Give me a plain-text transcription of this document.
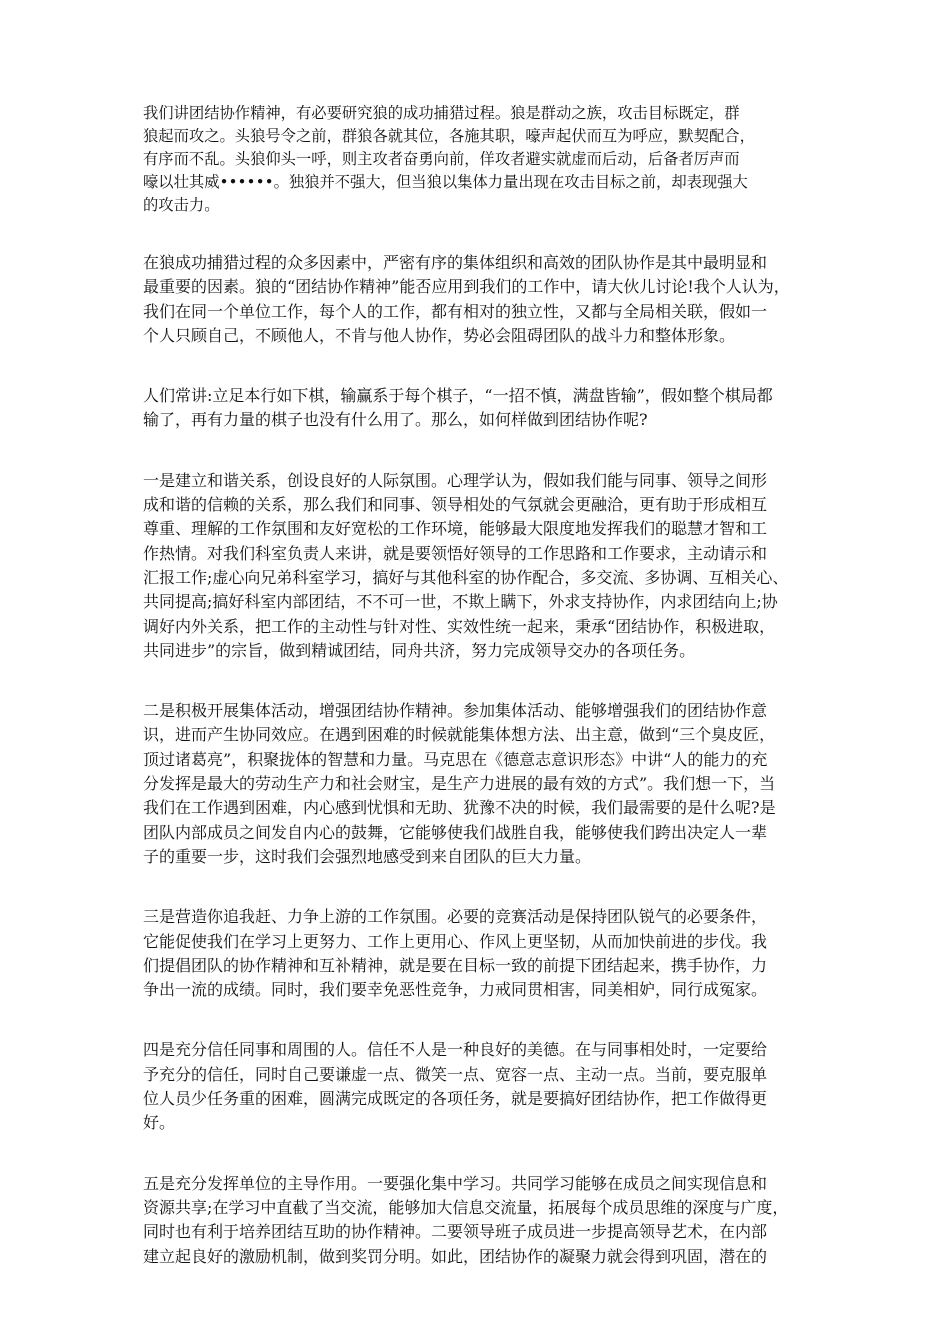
我们讲团结协作精神，有必要研究狼的成功捕猎过程。狼是群动之族，攻击目标既定，群
狼起而攻之。头狼号令之前，群狼各就其位，各施其职，嚎声起伏而互为呼应，默契配合，
有序而不乱。头狼仰头一呼，则主攻者奋勇向前，佯攻者避实就虚而后动，后备者厉声而
嚎以壮其威••••••。独狼并不强大，但当狼以集体力量出现在攻击目标之前，却表现强大
的攻击力。
在狼成功捕猎过程的众多因素中，严密有序的集体组织和高效的团队协作是其中最明显和
最重要的因素。狼的“团结协作精神”能否应用到我们的工作中，请大伙儿讨论!我个人认为，
我们在同一个单位工作，每个人的工作，都有相对的独立性，又都与全局相关联，假如一
个人只顾自己，不顾他人，不肯与他人协作，势必会阻碍团队的战斗力和整体形象。
人们常讲:立足本行如下棋，输赢系于每个棋子，“一招不慎，满盘皆输”，假如整个棋局都
输了，再有力量的棋子也没有什么用了。那么，如何样做到团结协作呢?
一是建立和谐关系，创设良好的人际氛围。心理学认为，假如我们能与同事、领导之间形
成和谐的信赖的关系，那么我们和同事、领导相处的气氛就会更融洽，更有助于形成相互
尊重、理解的工作氛围和友好宽松的工作环境，能够最大限度地发挥我们的聪慧才智和工
作热情。对我们科室负责人来讲，就是要领悟好领导的工作思路和工作要求，主动请示和
汇报工作;虚心向兄弟科室学习，搞好与其他科室的协作配合，多交流、多协调、互相关心、
共同提高;搞好科室内部团结，不不可一世，不欺上瞒下，外求支持协作，内求团结向上;协
调好内外关系，把工作的主动性与针对性、实效性统一起来，秉承“团结协作，积极进取，
共同进步”的宗旨，做到精诚团结，同舟共济，努力完成领导交办的各项任务。
二是积极开展集体活动，增强团结协作精神。参加集体活动、能够增强我们的团结协作意
识，进而产生协同效应。在遇到困难的时候就能集体想方法、出主意，做到“三个臭皮匠，
顶过诸葛亮”，积聚拢体的智慧和力量。马克思在《德意志意识形态》中讲“人的能力的充
分发挥是最大的劳动生产力和社会财宝，是生产力进展的最有效的方式”。我们想一下，当
我们在工作遇到困难，内心感到忧惧和无助、犹豫不决的时候，我们最需要的是什么呢?是
团队内部成员之间发自内心的鼓舞，它能够使我们战胜自我，能够使我们跨出决定人一辈
子的重要一步，这时我们会强烈地感受到来自团队的巨大力量。
三是营造你追我赶、力争上游的工作氛围。必要的竞赛活动是保持团队锐气的必要条件，
它能促使我们在学习上更努力、工作上更用心、作风上更坚韧，从而加快前进的步伐。我
们提倡团队的协作精神和互补精神，就是要在目标一致的前提下团结起来，携手协作，力
争出一流的成绩。同时，我们要幸免恶性竞争，力戒同贯相害，同美相妒，同行成冤家。
四是充分信任同事和周围的人。信任不人是一种良好的美德。在与同事相处时，一定要给
予充分的信任，同时自己要谦虚一点、微笑一点、宽容一点、主动一点。当前，要克服单
位人员少任务重的困难，圆满完成既定的各项任务，就是要搞好团结协作，把工作做得更
好。
五是充分发挥单位的主导作用。一要强化集中学习。共同学习能够在成员之间实现信息和
资源共享;在学习中直截了当交流，能够加大信息交流量，拓展每个成员思维的深度与广度，
同时也有利于培养团结互助的协作精神。二要领导班子成员进一步提高领导艺术，在内部
建立起良好的激励机制，做到奖罚分明。如此，团结协作的凝聚力就会得到巩固，潜在的
